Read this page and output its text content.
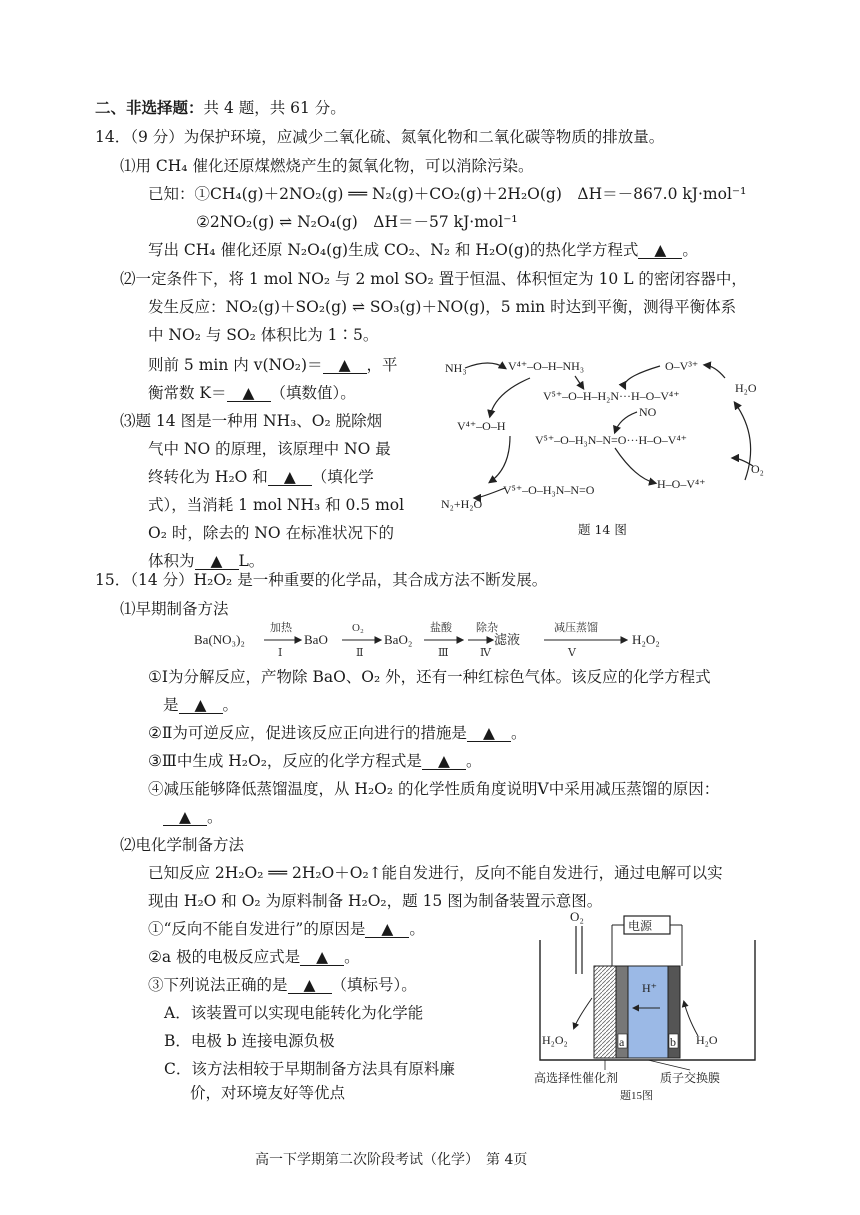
二、非选择题：共 4 题，共 61 分。
14．（9 分）为保护环境，应减少二氧化硫、氮氧化物和二氧化碳等物质的排放量。
⑴用 CH₄ 催化还原煤燃烧产生的氮氧化物，可以消除污染。
已知：①CH₄(g)＋2NO₂(g) ══ N₂(g)＋CO₂(g)＋2H₂O(g)　ΔH＝－867.0 kJ·mol⁻¹
②2NO₂(g) ⇌ N₂O₄(g)　ΔH＝－57 kJ·mol⁻¹
写出 CH₄ 催化还原 N₂O₄(g)生成 CO₂、N₂ 和 H₂O(g)的热化学方程式 ▲ 。
⑵一定条件下，将 1 mol NO₂ 与 2 mol SO₂ 置于恒温、体积恒定为 10 L 的密闭容器中，
发生反应：NO₂(g)＋SO₂(g) ⇌ SO₃(g)＋NO(g)，5 min 时达到平衡，测得平衡体系
中 NO₂ 与 SO₂ 体积比为 1∶5。
则前 5 min 内 v(NO₂)＝ ▲ ，平
衡常数 K＝ ▲ （填数值）。
⑶题 14 图是一种用 NH₃、O₂ 脱除烟
气中 NO 的原理，该原理中 NO 最
终转化为 H₂O 和 ▲ （填化学
式），当消耗 1 mol NH₃ 和 0.5 mol
O₂ 时，除去的 NO 在标准状况下的
体积为 ▲ L。
NH₃	V⁴⁺–O–H–NH₃	O–V³⁺
H₂O
V⁵⁺–O–H–H₂N···H–O–V⁴⁺
V⁴⁺–O–H
NO
V⁵⁺–O–H₃N–N=O···H–O–V⁴⁺
O₂
H–O–V⁴⁺
V⁵⁺–O–H₃N–N=O
N₂+H₂O
题 14 图
15．（14 分）H₂O₂ 是一种重要的化学品，其合成方法不断发展。
⑴早期制备方法
Ba(NO₃)₂	BaO	BaO₂	滤液	H₂O₂
加热	O₂	盐酸 除杂	减压蒸馏
Ⅰ	Ⅱ	Ⅲ	Ⅳ	Ⅴ
①Ⅰ为分解反应，产物除 BaO、O₂ 外，还有一种红棕色气体。该反应的化学方程式
是 ▲ 。
②Ⅱ为可逆反应，促进该反应正向进行的措施是 ▲ 。
③Ⅲ中生成 H₂O₂，反应的化学方程式是 ▲ 。
④减压能够降低蒸馏温度，从 H₂O₂ 的化学性质角度说明Ⅴ中采用减压蒸馏的原因：
▲ 。
⑵电化学制备方法
已知反应 2H₂O₂ ══ 2H₂O＋O₂↑能自发进行，反向不能自发进行，通过电解可以实
现由 H₂O 和 O₂ 为原料制备 H₂O₂，题 15 图为制备装置示意图。
①“反向不能自发进行”的原因是 ▲ 。
②a 极的电极反应式是 ▲ 。
③下列说法正确的是 ▲ （填标号）。
A．该装置可以实现电能转化为化学能
B．电极 b 连接电源负极
C．该方法相较于早期制备方法具有原料廉
价，对环境友好等优点
O₂
电源
H⁺
a	b
H₂O₂	H₂O
高选择性催化剂	质子交换膜
题15图
高一下学期第二次阶段考试（化学）　第 4页
